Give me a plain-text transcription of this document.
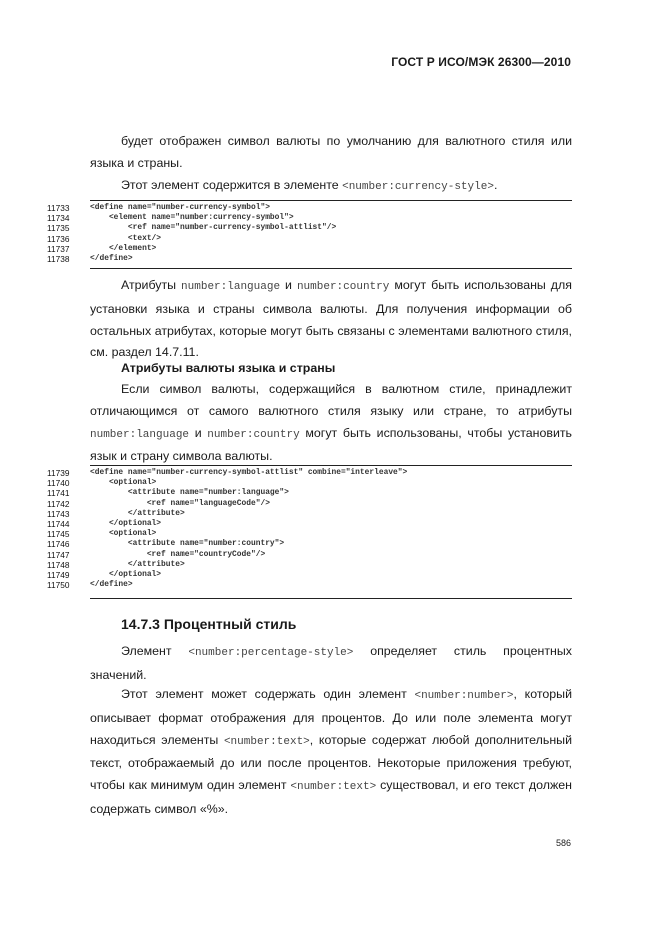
ГОСТ Р ИСО/МЭК 26300—2010

будет отображен символ валюты по умолчанию для валютного стиля или языка и страны.

Этот элемент содержится в элементе <number:currency-style>.

11733	<define name="number-currency-symbol">
11734	<element name="number:currency-symbol">
11735	<ref name="number-currency-symbol-attlist"/>
11736	<text/>
11737	</element>
11738	</define>

Атрибуты number:language и number:country могут быть использованы для установки языка и страны символа валюты. Для получения информации об остальных атрибутах, которые могут быть связаны с элементами валютного стиля, см. раздел 14.7.11.

Атрибуты валюты языка и страны

Если символ валюты, содержащийся в валютном стиле, принадлежит отличающимся от самого валютного стиля языку или стране, то атрибуты number:language и number:country могут быть использованы, чтобы установить язык и страну символа валюты.

11739	<define name="number-currency-symbol-attlist" combine="interleave">
11740	<optional>
11741	<attribute name="number:language">
11742	<ref name="languageCode"/>
11743	</attribute>
11744	</optional>
11745	<optional>
11746	<attribute name="number:country">
11747	<ref name="countryCode"/>
11748	</attribute>
11749	</optional>
11750	</define>
14.7.3 Процентный стиль

Элемент <number:percentage-style> определяет стиль процентных значений.

Этот элемент может содержать один элемент <number:number>, который описывает формат отображения для процентов. До или поле элемента могут находиться элементы <number:text>, которые содержат любой дополнительный текст, отображаемый до или после процентов. Некоторые приложения требуют, чтобы как минимум один элемент <number:text> существовал, и его текст должен содержать символ «%».

586
